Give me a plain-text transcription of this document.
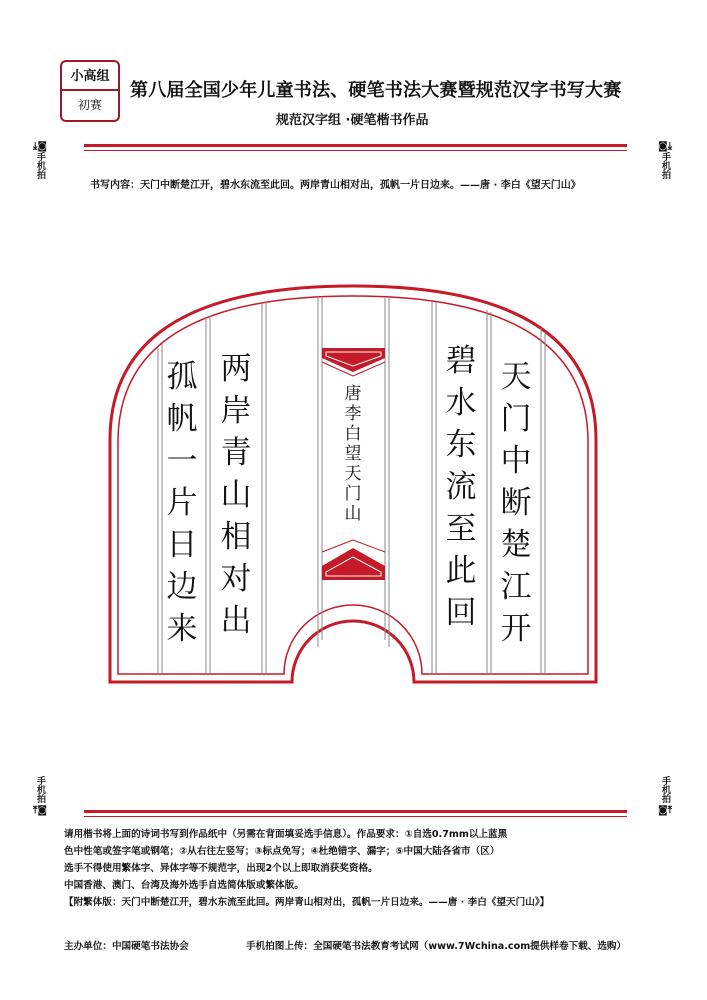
小高组
初赛
第八届全国少年儿童书法、硬笔书法大赛暨规范汉字书写大赛
规范汉字组 ·硬笔楷书作品
⤓◙
手机拍
◙⤓
手机拍
手机拍
⤒◙
手机拍
◙⤒
书写内容：天门中断楚江开，碧水东流至此回。两岸青山相对出，孤帆一片日边来。——唐 · 李白《望天门山》
天
门
中
断
楚
江
开
碧
水
东
流
至
此
回
两
岸
青
山
相
对
出
孤
帆
一
片
日
边
来
唐
李
白
望
天
门
山
请用楷书将上面的诗词书写到作品纸中（另需在背面填妥选手信息）。作品要求：①自选0.7mm以上蓝黑
色中性笔或签字笔或钢笔；②从右往左竖写；③标点免写；④杜绝错字、漏字；⑤中国大陆各省市（区）
选手不得使用繁体字、异体字等不规范字，出现2个以上即取消获奖资格。
中国香港、澳门、台湾及海外选手自选简体版或繁体版。
【附繁体版：天门中断楚江开，碧水东流至此回。两岸青山相对出，孤帆一片日边来。——唐 · 李白《望天门山》】
主办单位：中国硬笔书法协会	手机拍图上传：全国硬笔书法教育考试网（www.7Wchina.com提供样卷下载、选购）
